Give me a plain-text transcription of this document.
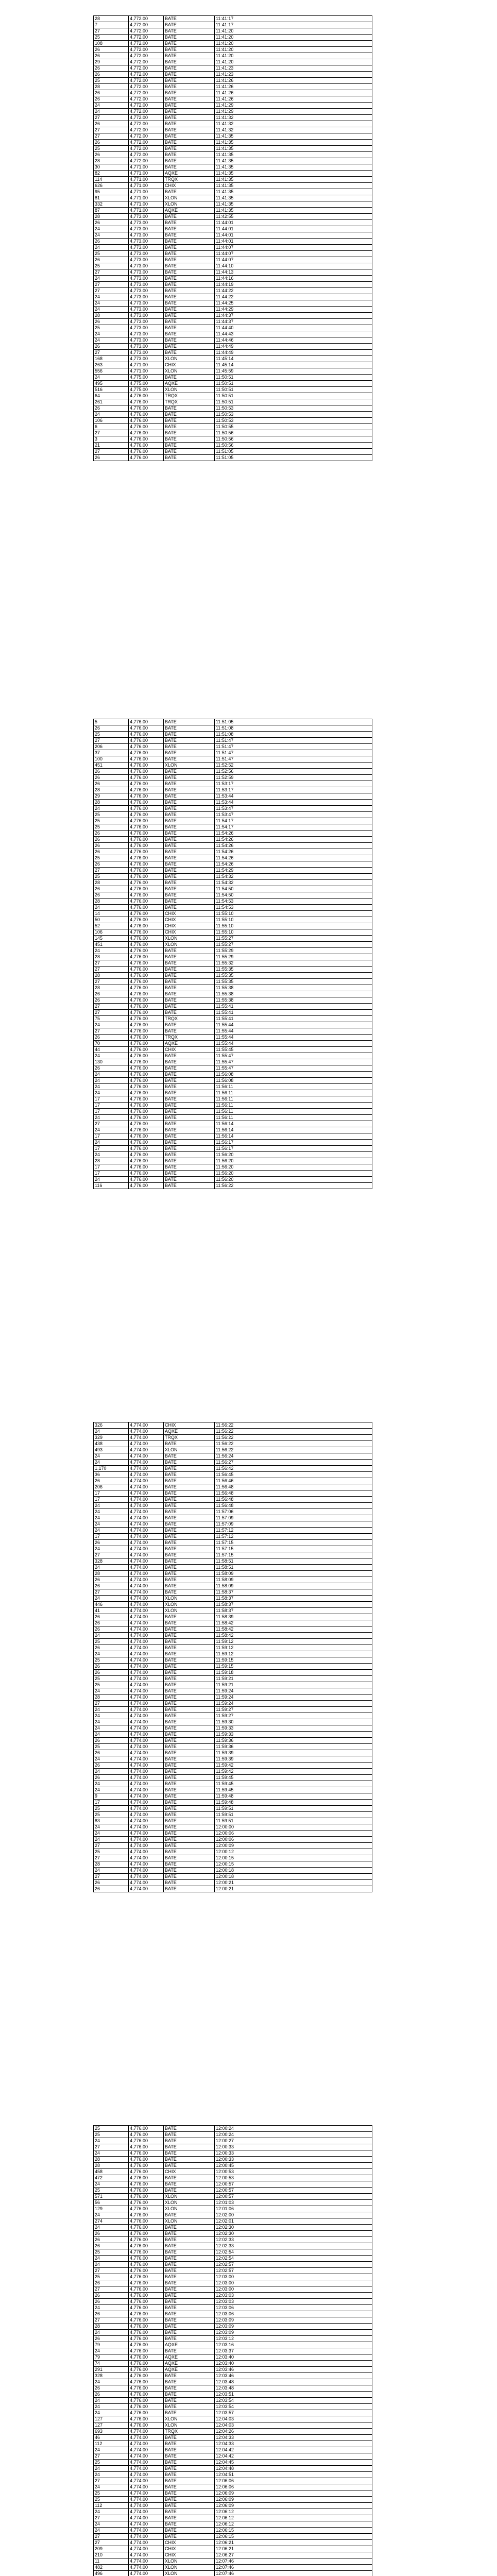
28	4,772.00	BATE	11:41:17
7	4,772.00	BATE	11:41:17
27	4,772.00	BATE	11:41:20
25	4,772.00	BATE	11:41:20
108	4,772.00	BATE	11:41:20
26	4,772.00	BATE	11:41:20
26	4,772.00	BATE	11:41:20
29	4,772.00	BATE	11:41:20
26	4,772.00	BATE	11:41:23
26	4,772.00	BATE	11:41:23
25	4,772.00	BATE	11:41:26
28	4,772.00	BATE	11:41:26
26	4,772.00	BATE	11:41:26
26	4,772.00	BATE	11:41:26
24	4,772.00	BATE	11:41:29
24	4,772.00	BATE	11:41:29
27	4,772.00	BATE	11:41:32
26	4,772.00	BATE	11:41:32
27	4,772.00	BATE	11:41:32
27	4,772.00	BATE	11:41:35
26	4,772.00	BATE	11:41:35
25	4,772.00	BATE	11:41:35
26	4,772.00	BATE	11:41:35
28	4,772.00	BATE	11:41:35
30	4,771.00	BATE	11:41:35
82	4,771.00	AQXE	11:41:35
114	4,771.00	TRQX	11:41:35
626	4,771.00	CHIX	11:41:35
95	4,771.00	BATE	11:41:35
81	4,771.00	XLON	11:41:35
332	4,771.00	XLON	11:41:35
87	4,771.00	AQXE	11:41:35
28	4,773.00	BATE	11:42:55
26	4,773.00	BATE	11:44:01
24	4,773.00	BATE	11:44:01
24	4,773.00	BATE	11:44:01
26	4,773.00	BATE	11:44:01
24	4,773.00	BATE	11:44:07
25	4,773.00	BATE	11:44:07
26	4,773.00	BATE	11:44:07
25	4,773.00	BATE	11:44:10
27	4,773.00	BATE	11:44:13
24	4,773.00	BATE	11:44:16
27	4,773.00	BATE	11:44:19
27	4,773.00	BATE	11:44:22
24	4,773.00	BATE	11:44:22
24	4,773.00	BATE	11:44:25
24	4,773.00	BATE	11:44:29
28	4,773.00	BATE	11:44:37
26	4,773.00	BATE	11:44:37
25	4,773.00	BATE	11:44:40
24	4,773.00	BATE	11:44:43
24	4,773.00	BATE	11:44:46
26	4,773.00	BATE	11:44:49
27	4,773.00	BATE	11:44:49
168	4,773.00	XLON	11:45:14
263	4,771.00	CHIX	11:45:14
556	4,771.00	XLON	11:45:59
24	4,775.00	BATE	11:50:51
495	4,775.00	AQXE	11:50:51
516	4,775.00	XLON	11:50:51
64	4,776.00	TRQX	11:50:51
261	4,776.00	TRQX	11:50:51
26	4,776.00	BATE	11:50:53
24	4,776.00	BATE	11:50:53
106	4,776.00	BATE	11:50:53
6	4,776.00	BATE	11:50:55
27	4,776.00	BATE	11:50:56
3	4,776.00	BATE	11:50:56
21	4,776.00	BATE	11:50:56
27	4,776.00	BATE	11:51:05
26	4,776.00	BATE	11:51:05
5	4,776.00	BATE	11:51:05
26	4,776.00	BATE	11:51:08
25	4,776.00	BATE	11:51:08
27	4,776.00	BATE	11:51:47
206	4,776.00	BATE	11:51:47
37	4,776.00	BATE	11:51:47
100	4,776.00	BATE	11:51:47
451	4,776.00	XLON	11:52:52
26	4,776.00	BATE	11:52:56
26	4,776.00	BATE	11:52:59
26	4,776.00	BATE	11:53:17
28	4,776.00	BATE	11:53:17
29	4,776.00	BATE	11:53:44
28	4,776.00	BATE	11:53:44
24	4,776.00	BATE	11:53:47
25	4,776.00	BATE	11:53:47
25	4,776.00	BATE	11:54:17
25	4,776.00	BATE	11:54:17
26	4,776.00	BATE	11:54:26
26	4,776.00	BATE	11:54:26
26	4,776.00	BATE	11:54:26
26	4,776.00	BATE	11:54:26
25	4,776.00	BATE	11:54:26
26	4,776.00	BATE	11:54:26
27	4,776.00	BATE	11:54:29
25	4,776.00	BATE	11:54:32
28	4,776.00	BATE	11:54:32
26	4,776.00	BATE	11:54:50
26	4,776.00	BATE	11:54:50
28	4,776.00	BATE	11:54:53
24	4,776.00	BATE	11:54:53
14	4,776.00	CHIX	11:55:10
50	4,776.00	CHIX	11:55:10
52	4,776.00	CHIX	11:55:10
106	4,776.00	CHIX	11:55:10
145	4,776.00	XLON	11:55:27
451	4,776.00	XLON	11:55:27
24	4,776.00	BATE	11:55:29
28	4,776.00	BATE	11:55:29
27	4,776.00	BATE	11:55:32
27	4,776.00	BATE	11:55:35
28	4,776.00	BATE	11:55:35
27	4,776.00	BATE	11:55:35
28	4,776.00	BATE	11:55:38
26	4,776.00	BATE	11:55:38
26	4,776.00	BATE	11:55:38
27	4,776.00	BATE	11:55:41
27	4,776.00	BATE	11:55:41
75	4,776.00	TRQX	11:55:41
24	4,776.00	BATE	11:55:44
27	4,776.00	BATE	11:55:44
26	4,776.00	TRQX	11:55:44
70	4,776.00	AQXE	11:55:44
44	4,776.00	CHIX	11:55:45
24	4,776.00	BATE	11:55:47
130	4,776.00	BATE	11:55:47
26	4,776.00	BATE	11:55:47
24	4,776.00	BATE	11:56:08
24	4,776.00	BATE	11:56:08
24	4,776.00	BATE	11:56:11
24	4,776.00	BATE	11:56:11
17	4,776.00	BATE	11:56:11
17	4,776.00	BATE	11:56:11
17	4,776.00	BATE	11:56:11
24	4,776.00	BATE	11:56:11
27	4,776.00	BATE	11:56:14
24	4,776.00	BATE	11:56:14
17	4,776.00	BATE	11:56:14
24	4,776.00	BATE	11:56:17
17	4,776.00	BATE	11:56:17
24	4,776.00	BATE	11:56:20
28	4,776.00	BATE	11:56:20
17	4,776.00	BATE	11:56:20
17	4,776.00	BATE	11:56:20
24	4,776.00	BATE	11:56:20
116	4,776.00	BATE	11:56:22
326	4,774.00	CHIX	11:56:22
24	4,774.00	AQXE	11:56:22
329	4,774.00	TRQX	11:56:22
438	4,774.00	BATE	11:56:22
493	4,774.00	XLON	11:56:22
24	4,774.00	BATE	11:56:24
24	4,774.00	BATE	11:56:27
1,170	4,774.00	BATE	11:56:42
36	4,774.00	BATE	11:56:45
26	4,774.00	BATE	11:56:46
206	4,774.00	BATE	11:56:48
17	4,774.00	BATE	11:56:48
17	4,774.00	BATE	11:56:48
24	4,774.00	BATE	11:56:48
24	4,774.00	BATE	11:57:06
24	4,774.00	BATE	11:57:09
24	4,774.00	BATE	11:57:09
24	4,774.00	BATE	11:57:12
17	4,774.00	BATE	11:57:12
26	4,774.00	BATE	11:57:15
24	4,774.00	BATE	11:57:15
27	4,774.00	BATE	11:57:15
328	4,774.00	BATE	11:58:51
24	4,774.00	BATE	11:58:51
28	4,774.00	BATE	11:58:09
26	4,774.00	BATE	11:58:09
26	4,774.00	BATE	11:58:09
27	4,774.00	BATE	11:58:37
24	4,774.00	XLON	11:58:37
446	4,774.00	XLON	11:58:37
41	4,774.00	XLON	11:58:37
26	4,774.00	BATE	11:58:39
26	4,774.00	BATE	11:58:42
26	4,774.00	BATE	11:58:42
24	4,774.00	BATE	11:58:42
25	4,774.00	BATE	11:59:12
26	4,774.00	BATE	11:59:12
24	4,774.00	BATE	11:59:12
25	4,774.00	BATE	11:59:15
26	4,774.00	BATE	11:59:15
26	4,774.00	BATE	11:59:18
25	4,774.00	BATE	11:59:21
25	4,774.00	BATE	11:59:21
24	4,774.00	BATE	11:59:24
28	4,774.00	BATE	11:59:24
27	4,774.00	BATE	11:59:24
24	4,774.00	BATE	11:59:27
24	4,774.00	BATE	11:59:27
24	4,774.00	BATE	11:59:30
24	4,774.00	BATE	11:59:33
24	4,774.00	BATE	11:59:33
26	4,774.00	BATE	11:59:36
25	4,774.00	BATE	11:59:36
26	4,774.00	BATE	11:59:39
24	4,774.00	BATE	11:59:39
26	4,774.00	BATE	11:59:42
24	4,774.00	BATE	11:59:42
26	4,774.00	BATE	11:59:45
24	4,774.00	BATE	11:59:45
24	4,774.00	BATE	11:59:45
9	4,774.00	BATE	11:59:48
17	4,774.00	BATE	11:59:48
25	4,774.00	BATE	11:59:51
25	4,774.00	BATE	11:59:51
83	4,774.00	BATE	11:59:51
24	4,774.00	BATE	12:00:00
24	4,774.00	BATE	12:00:06
24	4,774.00	BATE	12:00:06
27	4,774.00	BATE	12:00:09
25	4,774.00	BATE	12:00:12
27	4,774.00	BATE	12:00:15
28	4,774.00	BATE	12:00:15
24	4,774.00	BATE	12:00:18
27	4,774.00	BATE	12:00:18
26	4,774.00	BATE	12:00:21
26	4,774.00	BATE	12:00:21
25	4,776.00	BATE	12:00:24
25	4,776.00	BATE	12:00:24
24	4,776.00	BATE	12:00:27
27	4,776.00	BATE	12:00:33
24	4,776.00	BATE	12:00:33
28	4,776.00	BATE	12:00:33
28	4,776.00	BATE	12:00:45
458	4,776.00	CHIX	12:00:53
472	4,776.00	BATE	12:00:53
24	4,776.00	BATE	12:00:57
25	4,776.00	BATE	12:00:57
571	4,776.00	XLON	12:00:57
56	4,776.00	XLON	12:01:03
129	4,776.00	XLON	12:01:06
24	4,776.00	BATE	12:02:00
274	4,776.00	XLON	12:02:01
24	4,776.00	BATE	12:02:30
26	4,776.00	BATE	12:02:30
26	4,776.00	BATE	12:02:33
26	4,776.00	BATE	12:02:33
25	4,776.00	BATE	12:02:54
24	4,776.00	BATE	12:02:54
24	4,776.00	BATE	12:02:57
27	4,776.00	BATE	12:02:57
25	4,776.00	BATE	12:03:00
26	4,776.00	BATE	12:03:00
27	4,776.00	BATE	12:03:00
26	4,776.00	BATE	12:03:03
26	4,776.00	BATE	12:03:03
24	4,776.00	BATE	12:03:06
26	4,776.00	BATE	12:03:06
27	4,776.00	BATE	12:03:09
28	4,776.00	BATE	12:03:09
24	4,776.00	BATE	12:03:09
26	4,776.00	BATE	12:03:12
79	4,776.00	AQXE	12:03:16
24	4,776.00	BATE	12:03:37
79	4,776.00	AQXE	12:03:40
74	4,776.00	AQXE	12:03:40
291	4,776.00	AQXE	12:03:46
328	4,776.00	BATE	12:03:46
24	4,776.00	BATE	12:03:48
26	4,776.00	BATE	12:03:48
26	4,776.00	BATE	12:03:51
24	4,776.00	BATE	12:03:54
24	4,776.00	BATE	12:03:54
24	4,776.00	BATE	12:03:57
127	4,776.00	XLON	12:04:03
127	4,776.00	XLON	12:04:03
693	4,774.00	TRQX	12:04:26
46	4,774.00	BATE	12:04:33
112	4,774.00	BATE	12:04:33
24	4,774.00	BATE	12:04:42
27	4,774.00	BATE	12:04:42
25	4,774.00	BATE	12:04:45
24	4,774.00	BATE	12:04:48
24	4,774.00	BATE	12:04:51
27	4,774.00	BATE	12:06:06
24	4,774.00	BATE	12:06:06
25	4,774.00	BATE	12:06:09
25	4,774.00	BATE	12:06:09
112	4,774.00	BATE	12:06:09
24	4,774.00	BATE	12:06:12
27	4,774.00	BATE	12:06:12
24	4,774.00	BATE	12:06:12
24	4,774.00	BATE	12:06:15
27	4,774.00	BATE	12:06:15
27	4,774.00	CHIX	12:06:21
209	4,774.00	CHIX	12:06:21
210	4,774.00	CHIX	12:06:27
11	4,774.00	XLON	12:07:46
482	4,774.00	XLON	12:07:46
496	4,774.00	XLON	12:07:46
